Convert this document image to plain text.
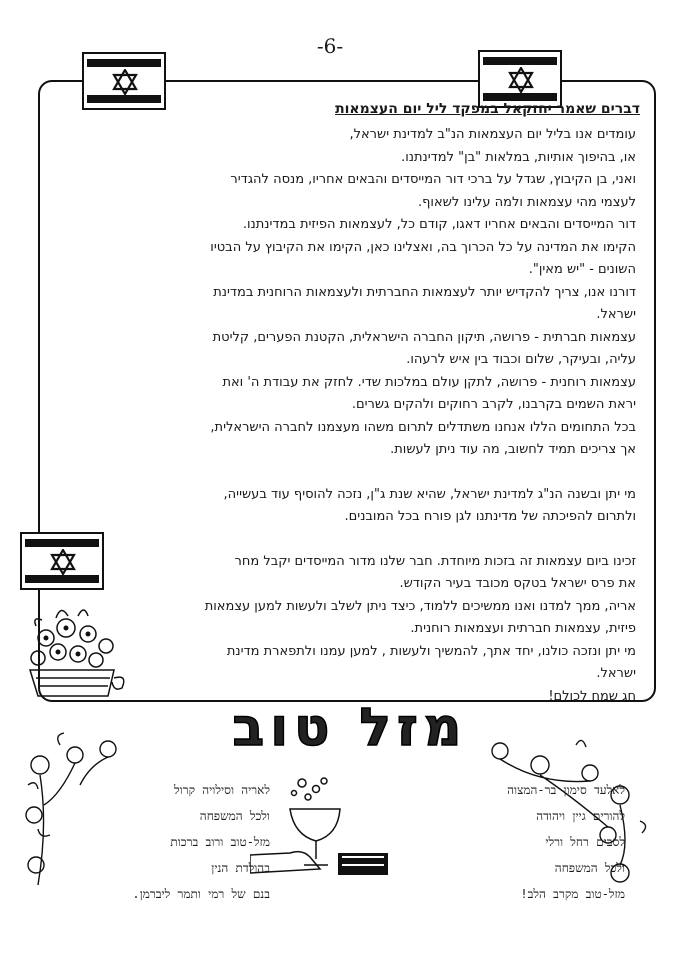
-6-
דברים שאמר יחזקאל במפקד ליל יום העצמאות

עומדים אנו בליל יום העצמאות הנ"ב למדינת ישראל,

או, בהיפוך אותיות, במלאות "בן" למדינתנו.

ואני, בן הקיבוץ, שגדל על ברכי דור המייסדים והבאים אחריו, מנסה להגדיר

לעצמי מהי עצמאות ולמה עלינו לשאוף.

דור המייסדים והבאים אחריו דאגו, קודם כל, לעצמאות הפיזית במדינתנו.

הקימו את המדינה על כל הכרוך בה, ואצלינו כאן, הקימו את הקיבוץ על הבטיו

השונים - "יש מאין".

דורנו אנו, צריך להקדיש יותר לעצמאות החברתית ולעצמאות הרוחנית במדינת

ישראל.

עצמאות חברתית - פרושה, תיקון החברה הישראלית, הקטנת הפערים, קליטת

עליה, ובעיקר, שלום וכבוד בין איש לרעהו.

עצמאות רוחנית - פרושה, לתקן עולם במלכות שדי. לחזק את עבודת ה' ואת

יראת השמים בקרבנו, לקרב רחוקים ולהקים גשרים.

בכל התחומים הללו אנחנו משתדלים לתרום משהו מעצמנו לחברה הישראלית,

אך צריכים תמיד לחשוב, מה עוד ניתן לעשות.

מי יתן ובשנה הנ"ג למדינת ישראל, שהיא שנת ג"ן, נזכה להוסיף עוד בעשייה,

ולתרום להפיכתה של מדינתנו לגן פורח בכל המובנים.

זכינו ביום עצמאות זה בזכות מיוחדת. חבר שלנו מדור המייסדים יקבל מחר

את פרס ישראל בטקס מכובד בעיר הקודש.

אריה, ממך למדנו ואנו ממשיכים ללמוד, כיצד ניתן לשלב ולעשות למען עצמאות

פיזית, עצמאות חברתית ועצמאות רוחנית.

מי יתן ונזכה כולנו, יחד אתך, להמשיך ולעשות , למען עמנו ולתפארת מדינת

ישראל.

חג שמח לכולם!

מזל טוב
לאריה וסילויה קרול
ולכל המשפחה
מזל-טוב ורוב ברכות
בהולדת הנין
בנם של רמי ותמר ליברמן.
לאלעד סימון בר-המצוה
להורים גיין ויהודה
לסבים רחל ורלי
ולכל המשפחה
מזל-טוב מקרב הלב!
